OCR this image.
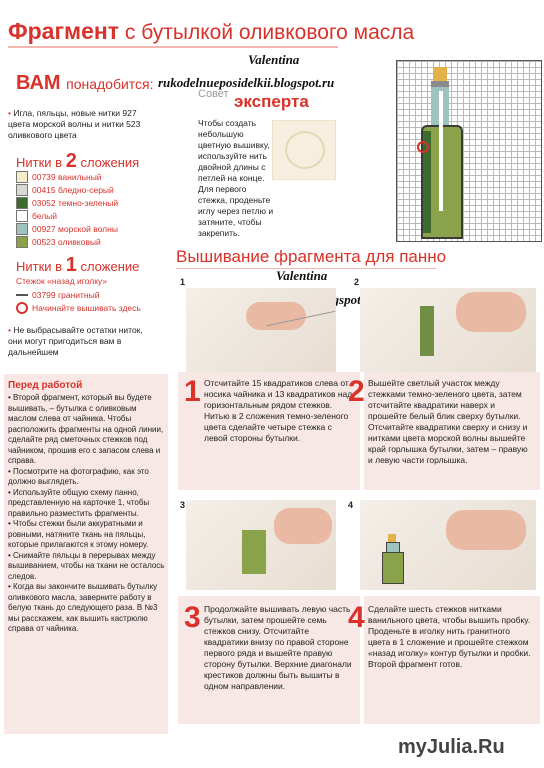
Фрагмент с бутылкой оливкового масла
Valentina
rukodelnueposidelkii.blogspot.ru
ВАМ понадобится:
• Игла, пяльцы, новые нитки 927 цвета морской волны и нитки 523 оливкового цвета
Нитки в 2 сложения
00739
ванильный
00415
бледно-серый
03052
темно-зеленый
белый
00927
морской волны
00523
оливковый
Нитки в 1 сложение
Стежок «назад иголку»
03799
гранитный
Начинайте вышивать здесь
• Не выбрасывайте остатки ниток, они могут пригодиться вам в дальнейшем
Совет эксперта
Чтобы создать небольшую цветную вышивку, используйте нить двойной длины с петлей на конце. Для первого стежка, проденьте иглу через петлю и затяните, чтобы закрепить.
Перед работой
• Второй фрагмент, который вы будете вышивать, – бутылка с оливковым маслом слева от чайника. Чтобы расположить фрагменты на одной линии, сделайте ряд сметочных стежков под чайником, прошив его с запасом слева и справа.
• Посмотрите на фотографию, как это должно выглядеть.
• Используйте общую схему панно, представленную на карточке 1, чтобы правильно разместить фрагменты.
• Чтобы стежки были аккуратными и ровными, натяните ткань на пяльцы, которые прилагаются к этому номеру.
• Снимайте пяльцы в перерывах между вышиванием, чтобы на ткани не осталось следов.
• Когда вы закончите вышивать бутылку оливкового масла, заверните работу в белую ткань до следующего раза. В №3 мы расскажем, как вышить кастрюлю справа от чайника.
Вышивание фрагмента для панно
Valentina
1	2
3	4
1 Отсчитайте 15 квадратиков слева от носика чайника и 13 квадратиков над горизонтальным рядом стежков. Нитью в 2 сложения темно-зеленого цвета сделайте четыре стежка с левой стороны бутылки.
2 Вышейте светлый участок между стежками темно-зеленого цвета, затем отсчитайте квадратики наверх и прошейте белый блик сверху бутылки. Отсчитайте квадратики сверху и снизу и нитками цвета морской волны вышейте край горлышка бутылки, затем – правую и левую части горлышка.
3 Продолжайте вышивать левую часть бутылки, затем прошейте семь стежков снизу. Отсчитайте квадратики внизу по правой стороне первого ряда и вышейте правую сторону бутылки. Верхние диагонали крестиков должны быть вышиты в одном направлении.
4 Сделайте шесть стежков нитками ванильного цвета, чтобы вышить пробку. Проденьте в иголку нить гранитного цвета в 1 сложение и прошейте стежком «назад иголку» контур бутылки и пробки. Второй фрагмент готов.
myJulia.Ru
